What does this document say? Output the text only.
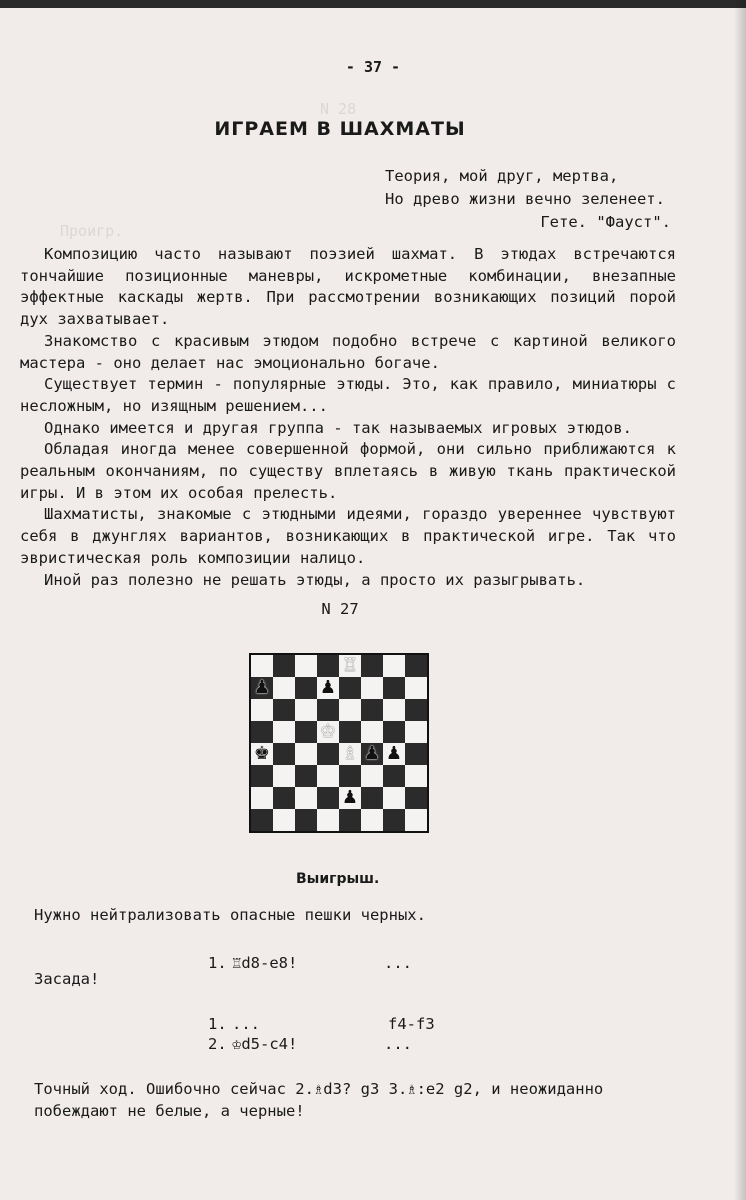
N 28
Проигр.
- 37 -
ИГРАЕМ В ШАХМАТЫ
Теория, мой друг, мертва,
Но древо жизни вечно зеленеет.
Гете. "Фауст".

Композицию часто называют поэзией шахмат. В этюдах встречаются тончайшие позиционные маневры, искрометные комбинации, внезапные эффектные каскады жертв. При рассмотрении возникающих позиций порой дух захватывает.

Знакомство с красивым этюдом подобно встрече с картиной великого мастера - оно делает нас эмоционально богаче.

Существует термин - популярные этюды. Это, как правило, миниатюры с несложным, но изящным решением...

Однако имеется и другая группа - так называемых игровых этюдов.

Обладая иногда менее совершенной формой, они сильно приближаются к реальным окончаниям, по существу вплетаясь в живую ткань практической игры. И в этом их особая прелесть.

Шахматисты, знакомые с этюдными идеями, гораздо увереннее чувствуют себя в джунглях вариантов, возникающих в практической игре. Так что эвристическая роль композиции налицо.

Иной раз полезно не решать этюды, а просто их разыгрывать.

N 27
♖
♟	♟
♔
♚	♗ ♟ ♟
♟
Выигрыш.
Нужно нейтрализовать опасные пешки черных.
1. ♖d8-e8!	...
Засада!
1. ...	f4-f3
2. ♔d5-c4!	...
Точный ход. Ошибочно сейчас 2.♗d3? g3 3.♗:e2 g2, и неожиданно побеждают не белые, а черные!
